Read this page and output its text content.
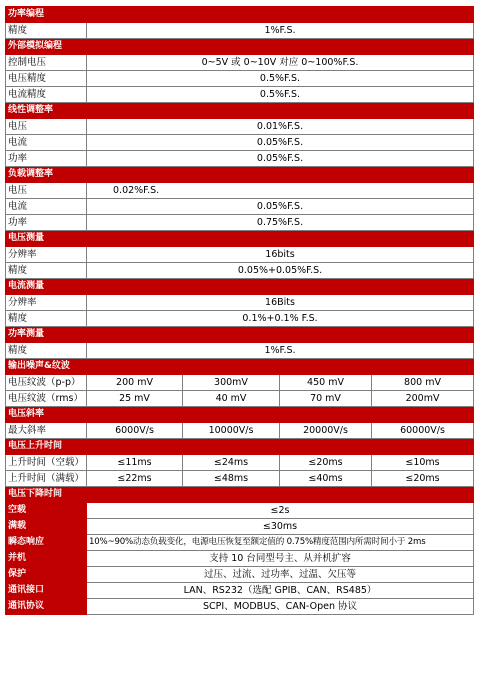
功率编程				
精度	1%F.S.			
外部模拟编程				
控制电压	0~5V 或 0~10V 对应 0~100%F.S.			
电压精度	0.5%F.S.			
电流精度	0.5%F.S.			
线性调整率				
电压	0.01%F.S.			
电流	0.05%F.S.			
功率	0.05%F.S.			
负载调整率				
电压	0.02%F.S.			
电流	0.05%F.S.			
功率	0.75%F.S.			
电压测量				
分辨率	16bits			
精度	0.05%+0.05%F.S.			
电流测量				
分辨率	16Bits			
精度	0.1%+0.1% F.S.			
功率测量				
精度	1%F.S.			
输出噪声&纹波				
电压纹波（p-p）	200 mV	300mV	450 mV	800 mV
电压纹波（rms）	25 mV	40 mV	70 mV	200mV
电压斜率				
最大斜率	6000V/s	10000V/s	20000V/s	60000V/s
电压上升时间				
上升时间（空载）	≤11ms	≤24ms	≤20ms	≤10ms
上升时间（满载）	≤22ms	≤48ms	≤40ms	≤20ms
电压下降时间				
空载	≤2s			
满载	≤30ms			
瞬态响应	10%~90%动态负载变化，电源电压恢复至额定值的 0.75%精度范围内所需时间小于 2ms			
并机	支持 10 台同型号主、从并机扩容			
保护	过压、过流、过功率、过温、欠压等			
通讯接口	LAN、RS232（选配 GPIB、CAN、RS485）			
通讯协议	SCPI、MODBUS、CAN-Open 协议			
